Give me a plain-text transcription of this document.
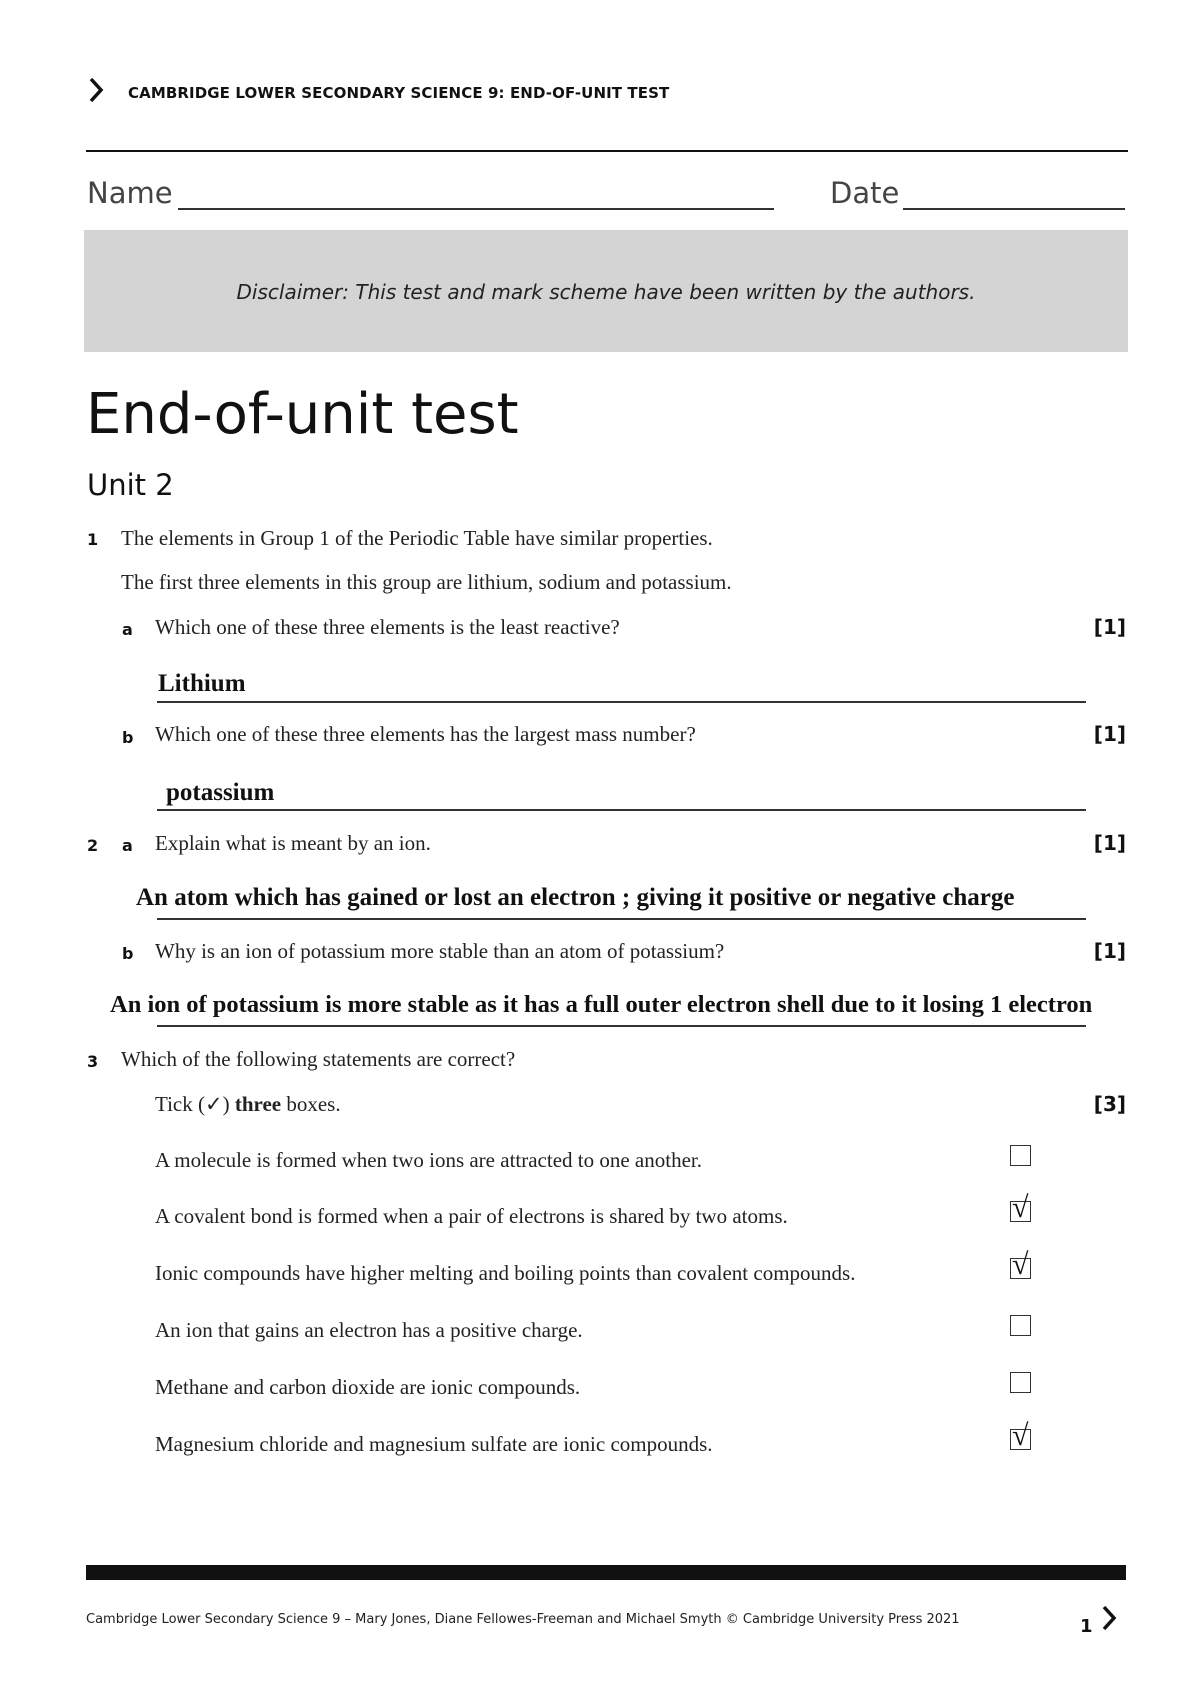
CAMBRIDGE LOWER SECONDARY SCIENCE 9: END-OF-UNIT TEST
Name	Date
Disclaimer: This test and mark scheme have been written by the authors.
End-of-unit test
Unit 2
1 The elements in Group 1 of the Periodic Table have similar properties.
The first three elements in this group are lithium, sodium and potassium.
a Which one of these three elements is the least reactive?	[1]
Lithium
b Which one of these three elements has the largest mass number?	[1]
potassium
2 a Explain what is meant by an ion.	[1]
An atom which has gained or lost an electron ; giving it positive or negative charge
b Why is an ion of potassium more stable than an atom of potassium?	[1]
An ion of potassium is more stable as it has a full outer electron shell due to it losing 1 electron
3 Which of the following statements are correct?
Tick (✓) three boxes.	[3]
A molecule is formed when two ions are attracted to one another.
A covalent bond is formed when a pair of electrons is shared by two atoms.	√
Ionic compounds have higher melting and boiling points than covalent compounds.	√
An ion that gains an electron has a positive charge.
Methane and carbon dioxide are ionic compounds.
Magnesium chloride and magnesium sulfate are ionic compounds.	√
Cambridge Lower Secondary Science 9 – Mary Jones, Diane Fellowes-Freeman and Michael Smyth © Cambridge University Press 2021	1
